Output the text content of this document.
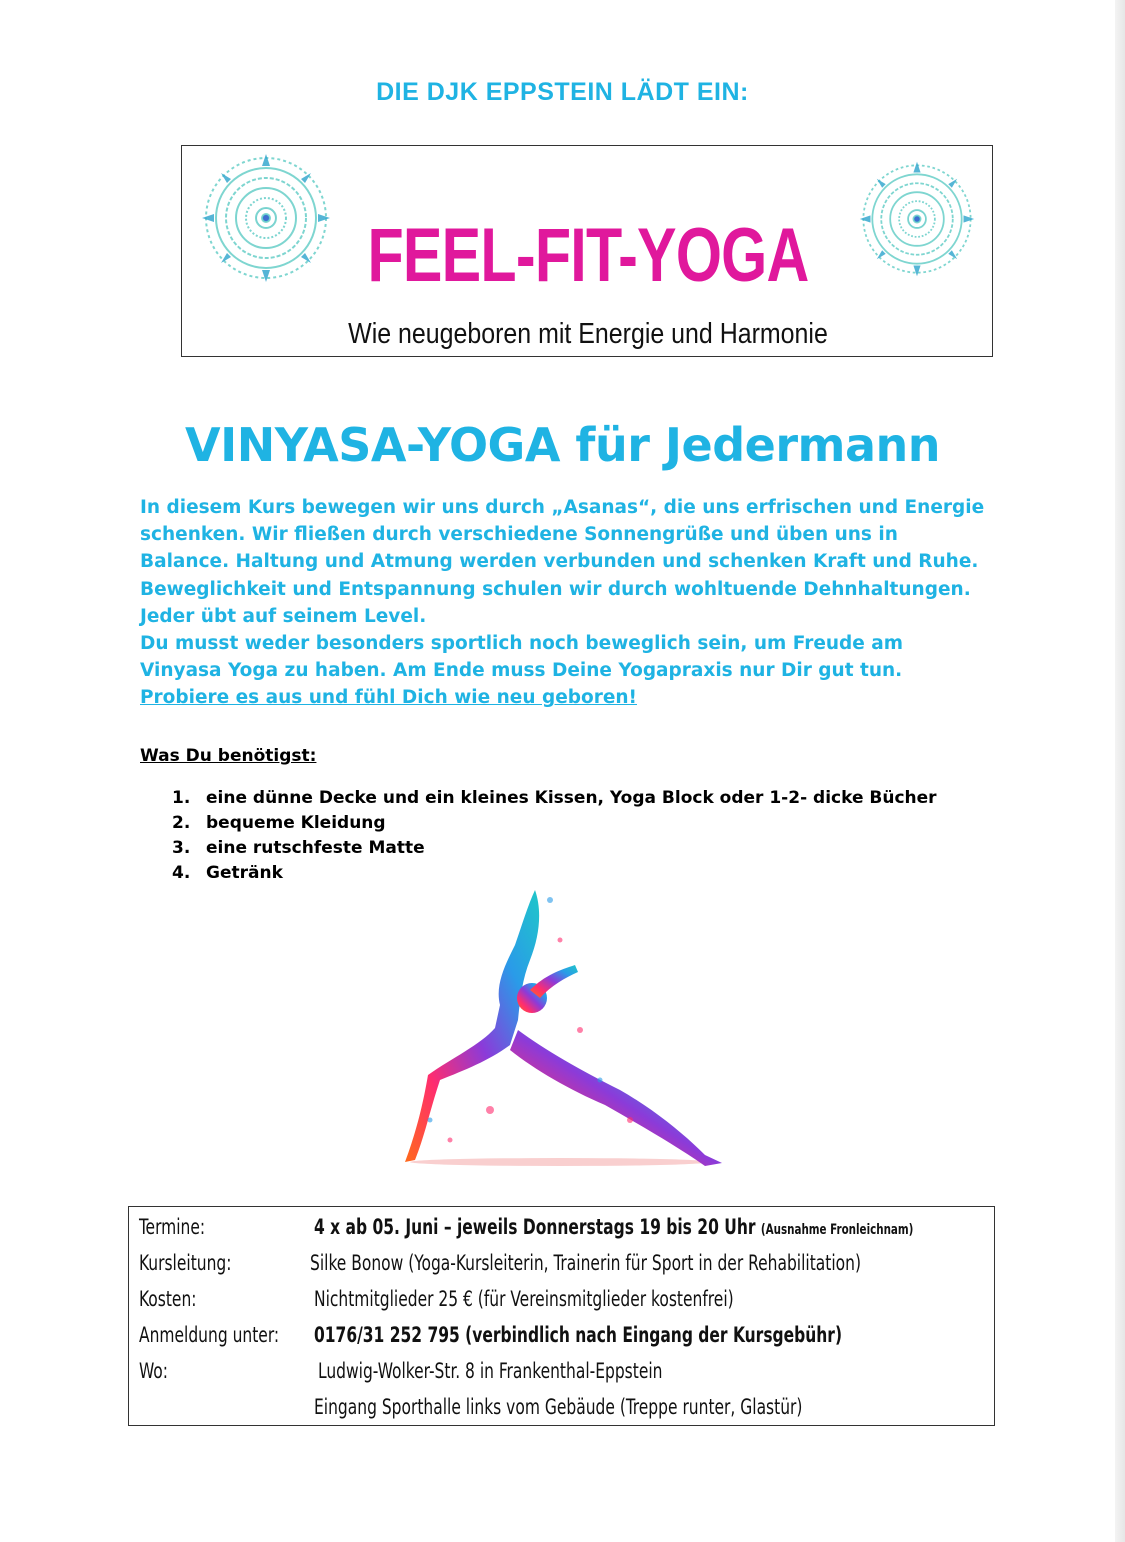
DIE DJK EPPSTEIN LÄDT EIN:
FEEL-FIT-YOGA
Wie neugeboren mit Energie und Harmonie
VINYASA-YOGA für Jedermann

In diesem Kurs bewegen wir uns durch „Asanas“, die uns erfrischen und Energie schenken. Wir fließen durch verschiedene Sonnengrüße und üben uns in Balance. Haltung und Atmung werden verbunden und schenken Kraft und Ruhe. Beweglichkeit und Entspannung schulen wir durch wohltuende Dehnhaltungen.

Jeder übt auf seinem Level.

Du musst weder besonders sportlich noch beweglich sein, um Freude am Vinyasa Yoga zu haben. Am Ende muss Deine Yogapraxis nur Dir gut tun.

Probiere es aus und fühl Dich wie neu geboren!

Was Du benötigst:
1. eine dünne Decke und ein kleines Kissen, Yoga Block oder 1-2- dicke Bücher
2. bequeme Kleidung
3. eine rutschfeste Matte
4. Getränk
Termine:	4 x ab 05. Juni – jeweils Donnerstags 19 bis 20 Uhr (Ausnahme Fronleichnam)
Kursleitung:	Silke Bonow (Yoga-Kursleiterin, Trainerin für Sport in der Rehabilitation)
Kosten:	Nichtmitglieder 25 € (für Vereinsmitglieder kostenfrei)
Anmeldung unter: 0176/31 252 795 (verbindlich nach Eingang der Kursgebühr)
Wo:	Ludwig-Wolker-Str. 8 in Frankenthal-Eppstein
Eingang Sporthalle links vom Gebäude (Treppe runter, Glastür)
